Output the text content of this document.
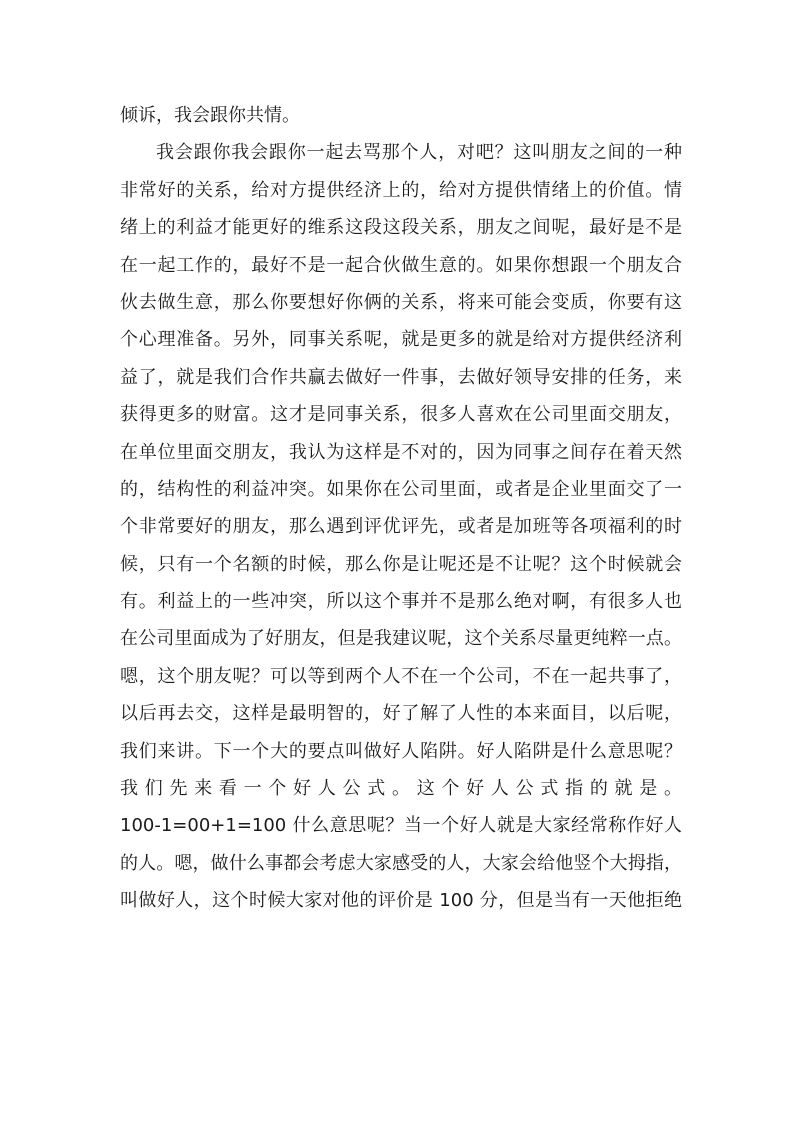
倾诉，我会跟你共情。
我会跟你我会跟你一起去骂那个人，对吧？这叫朋友之间的一种
非常好的关系，给对方提供经济上的，给对方提供情绪上的价值。情
绪上的利益才能更好的维系这段这段关系，朋友之间呢，最好是不是
在一起工作的，最好不是一起合伙做生意的。如果你想跟一个朋友合
伙去做生意，那么你要想好你俩的关系，将来可能会变质，你要有这
个心理准备。另外，同事关系呢，就是更多的就是给对方提供经济利
益了，就是我们合作共赢去做好一件事，去做好领导安排的任务，来
获得更多的财富。这才是同事关系，很多人喜欢在公司里面交朋友，
在单位里面交朋友，我认为这样是不对的，因为同事之间存在着天然
的，结构性的利益冲突。如果你在公司里面，或者是企业里面交了一
个非常要好的朋友，那么遇到评优评先，或者是加班等各项福利的时
候，只有一个名额的时候，那么你是让呢还是不让呢？这个时候就会
有。利益上的一些冲突，所以这个事并不是那么绝对啊，有很多人也
在公司里面成为了好朋友，但是我建议呢，这个关系尽量更纯粹一点。
嗯，这个朋友呢？可以等到两个人不在一个公司，不在一起共事了，
以后再去交，这样是最明智的，好了解了人性的本来面目，以后呢，
我们来讲。下一个大的要点叫做好人陷阱。好人陷阱是什么意思呢？
我们先来看一个好人公式。这个好人公式指的就是。
100-1=00+1=100 什么意思呢？当一个好人就是大家经常称作好人
的人。嗯，做什么事都会考虑大家感受的人，大家会给他竖个大拇指，
叫做好人，这个时候大家对他的评价是 100 分，但是当有一天他拒绝
